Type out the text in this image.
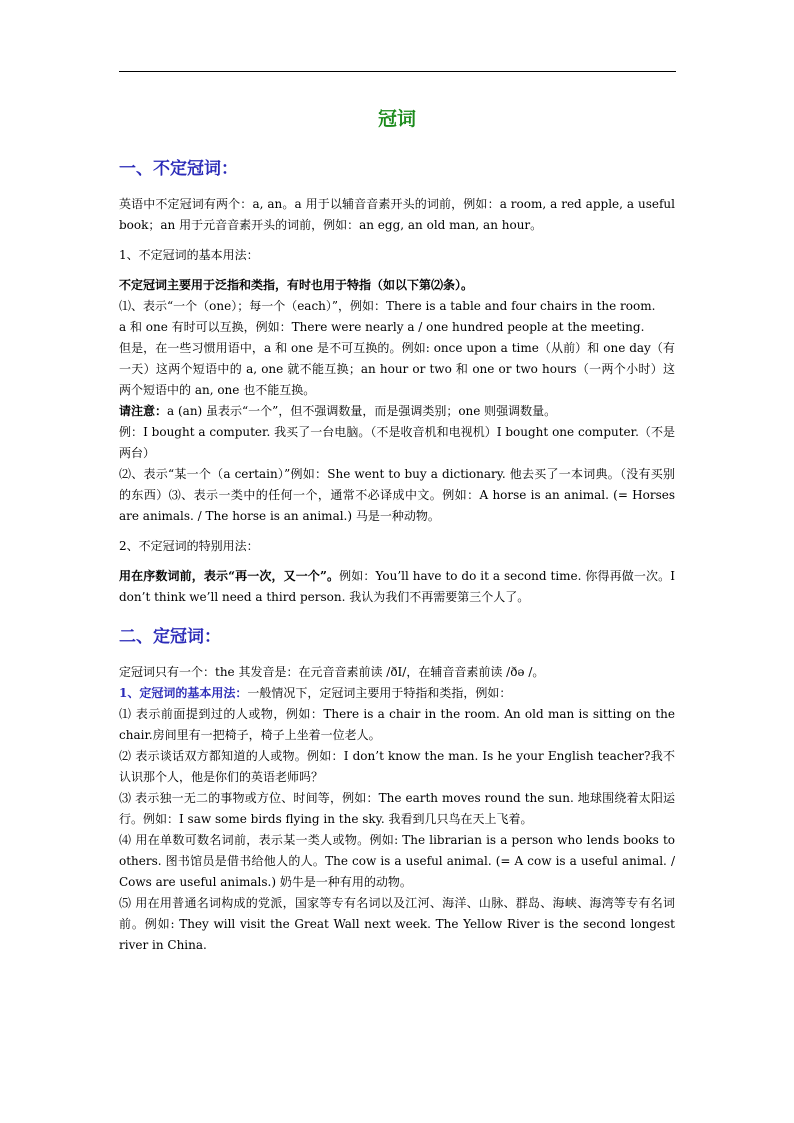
冠词
一、不定冠词：

英语中不定冠词有两个：a, an。a 用于以辅音音素开头的词前，例如：a room, a red apple, a useful book；an 用于元音音素开头的词前，例如：an egg, an old man, an hour。

1、不定冠词的基本用法：

不定冠词主要用于泛指和类指，有时也用于特指（如以下第⑵条）。

⑴、表示“一个（one）；每一个（each）”，例如：There is a table and four chairs in the room.

a 和 one 有时可以互换，例如：There were nearly a / one hundred people at the meeting.

但是，在一些习惯用语中，a 和 one 是不可互换的。例如: once upon a time（从前）和 one day（有一天）这两个短语中的 a, one 就不能互换；an hour or two 和 one or two hours（一两个小时）这两个短语中的 an, one 也不能互换。

请注意：a (an) 虽表示“一个”，但不强调数量，而是强调类别；one 则强调数量。

例：I bought a computer. 我买了一台电脑。（不是收音机和电视机）I bought one computer.（不是两台）

⑵、表示“某一个（a certain）”例如：She went to buy a dictionary. 他去买了一本词典。（没有买别的东西）⑶、表示一类中的任何一个，通常不必译成中文。例如：A horse is an animal. (= Horses are animals. / The horse is an animal.) 马是一种动物。

2、不定冠词的特别用法：

用在序数词前，表示“再一次，又一个”。例如：You’ll have to do it a second time. 你得再做一次。I don’t think we’ll need a third person. 我认为我们不再需要第三个人了。

二、定冠词：

定冠词只有一个：the 其发音是：在元音音素前读 /ðI/，在辅音音素前读 /ðə /。

1、定冠词的基本用法：一般情况下，定冠词主要用于特指和类指，例如：

⑴ 表示前面提到过的人或物，例如：There is a chair in the room. An old man is sitting on the chair.房间里有一把椅子，椅子上坐着一位老人。

⑵ 表示谈话双方都知道的人或物。例如：I don’t know the man. Is he your English teacher?我不认识那个人，他是你们的英语老师吗？

⑶ 表示独一无二的事物或方位、时间等，例如：The earth moves round the sun. 地球围绕着太阳运行。例如：I saw some birds flying in the sky. 我看到几只鸟在天上飞着。

⑷ 用在单数可数名词前，表示某一类人或物。例如: The librarian is a person who lends books to others. 图书馆员是借书给他人的人。The cow is a useful animal. (= A cow is a useful animal. / Cows are useful animals.) 奶牛是一种有用的动物。

⑸ 用在用普通名词构成的党派，国家等专有名词以及江河、海洋、山脉、群岛、海峡、海湾等专有名词前。例如: They will visit the Great Wall next week. The Yellow River is the second longest river in China.
